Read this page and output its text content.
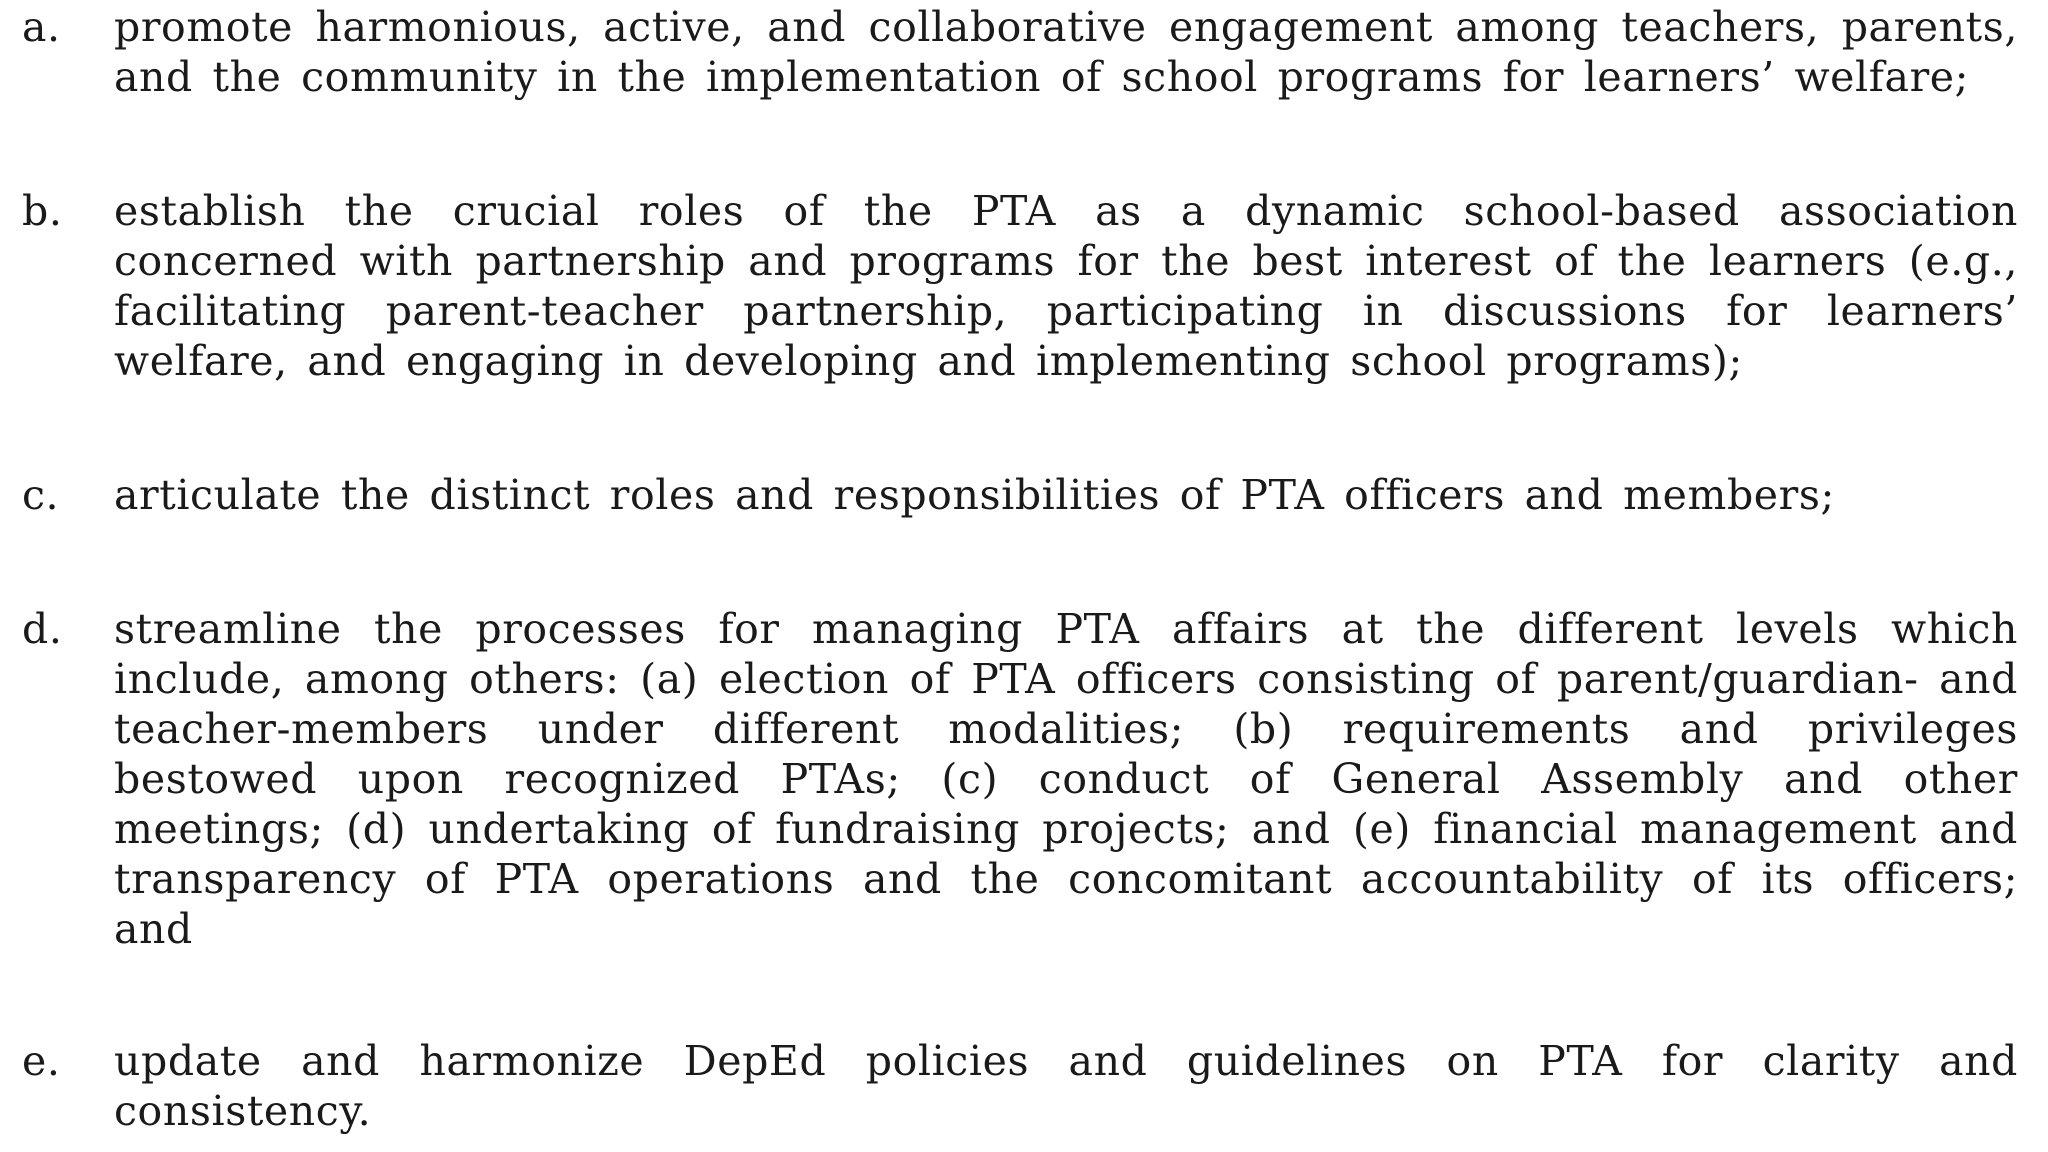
a.	promote harmonious, active, and collaborative engagement among teachers, parents, and the community in the implementation of school programs for learners’ welfare;
b.	establish the crucial roles of the PTA as a dynamic school-based association concerned with partnership and programs for the best interest of the learners (e.g., facilitating parent-teacher partnership, participating in discussions for learners’ welfare, and engaging in developing and implementing school programs);
c.	articulate the distinct roles and responsibilities of PTA officers and members;
d.	streamline the processes for managing PTA affairs at the different levels which include, among others: (a) election of PTA officers consisting of parent/guardian- and teacher-members under different modalities; (b) requirements and privileges bestowed upon recognized PTAs; (c) conduct of General Assembly and other meetings; (d) undertaking of fundraising projects; and (e) financial management and transparency of PTA operations and the concomitant accountability of its officers; and
e.	update and harmonize DepEd policies and guidelines on PTA for clarity and consistency.
